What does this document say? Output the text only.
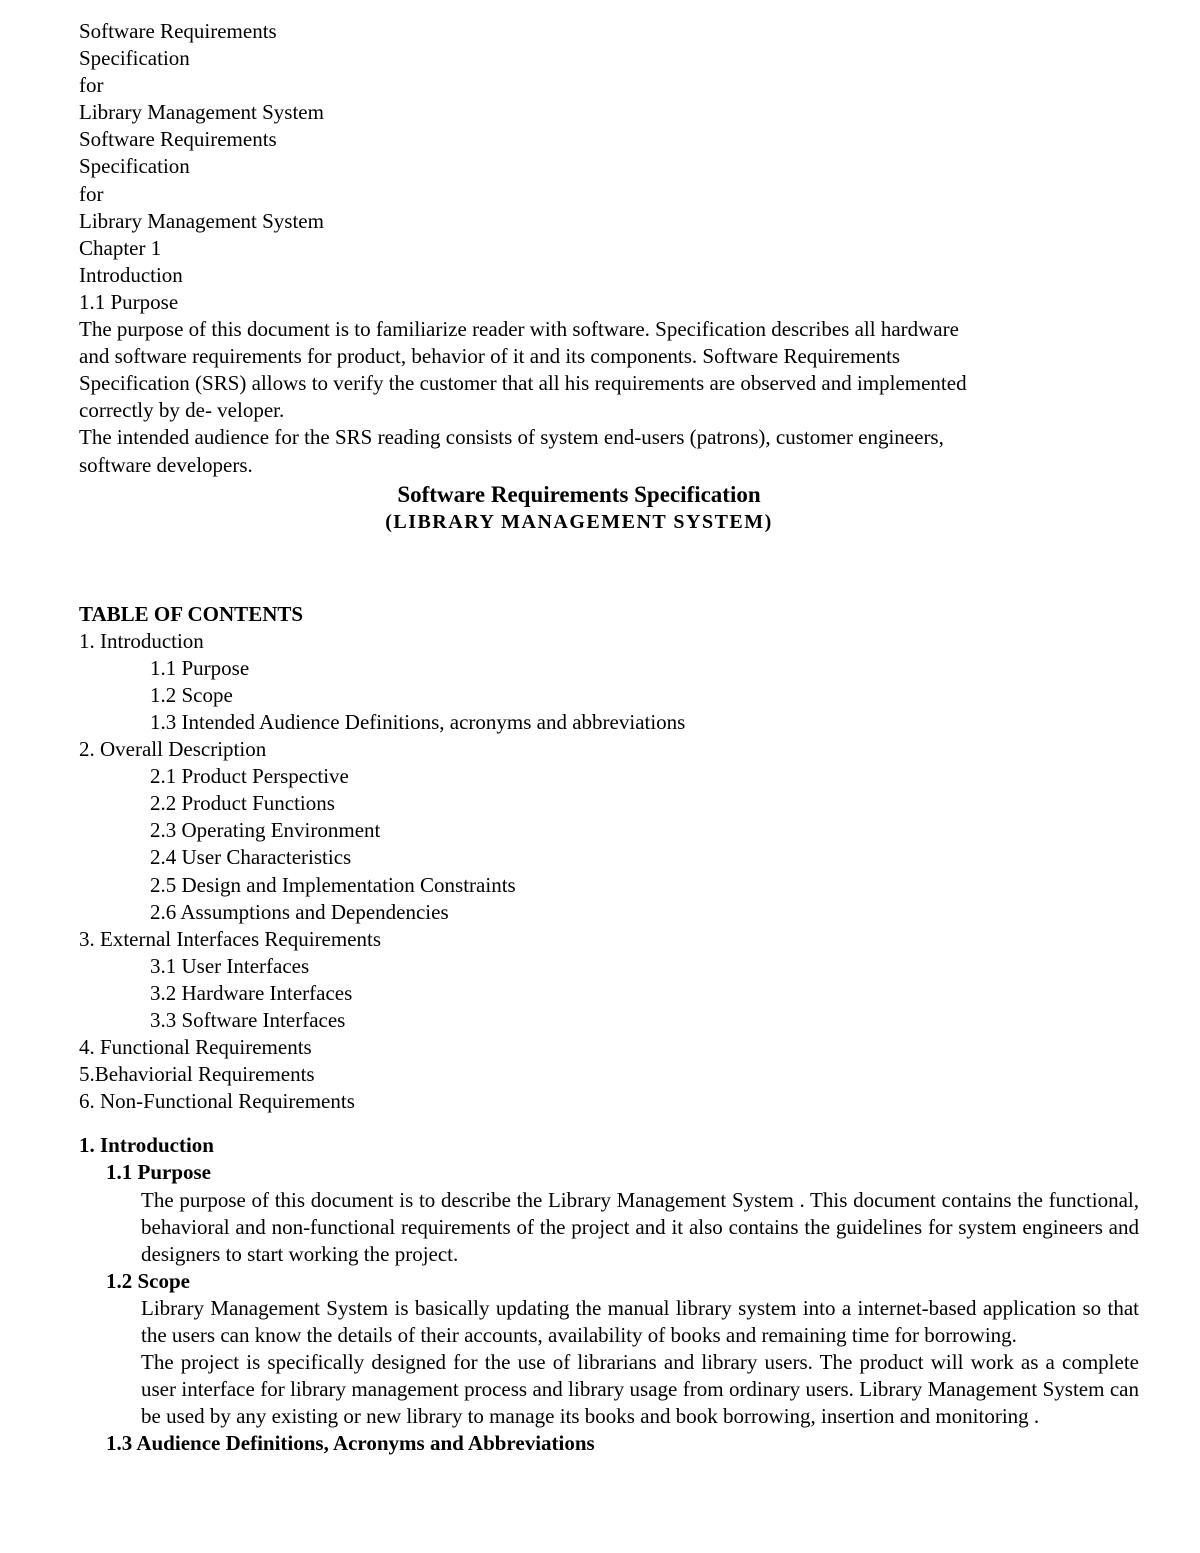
Software Requirements
Specification
for
Library Management System
Software Requirements
Specification
for
Library Management System
Chapter 1
Introduction
1.1 Purpose
The purpose of this document is to familiarize reader with software. Specification describes all hardware and software requirements for product, behavior of it and its components. Software Requirements Specification (SRS) allows to verify the customer that all his requirements are observed and implemented correctly by de- veloper.
The intended audience for the SRS reading consists of system end-users (patrons), customer engineers, software developers.
Software Requirements Specification
(LIBRARY MANAGEMENT SYSTEM)
TABLE OF CONTENTS
1. Introduction
1.1 Purpose
1.2 Scope
1.3 Intended Audience Definitions, acronyms and abbreviations
2. Overall Description
2.1 Product Perspective
2.2 Product Functions
2.3 Operating Environment
2.4 User Characteristics
2.5 Design and Implementation Constraints
2.6 Assumptions and Dependencies
3. External Interfaces Requirements
3.1 User Interfaces
3.2 Hardware Interfaces
3.3 Software Interfaces
4. Functional Requirements
5.Behaviorial Requirements
6. Non-Functional Requirements
1. Introduction
1.1 Purpose
The purpose of this document is to describe the Library Management System . This document contains the functional, behavioral and non-functional requirements of the project and it also contains the guidelines for system engineers and designers to start working the project.
1.2 Scope
Library Management System is basically updating the manual library system into a internet-based application so that the users can know the details of their accounts, availability of books and remaining time for borrowing.
The project is specifically designed for the use of librarians and library users. The product will work as a complete user interface for library management process and library usage from ordinary users. Library Management System can be used by any existing or new library to manage its books and book borrowing, insertion and monitoring .
1.3 Audience Definitions, Acronyms and Abbreviations
